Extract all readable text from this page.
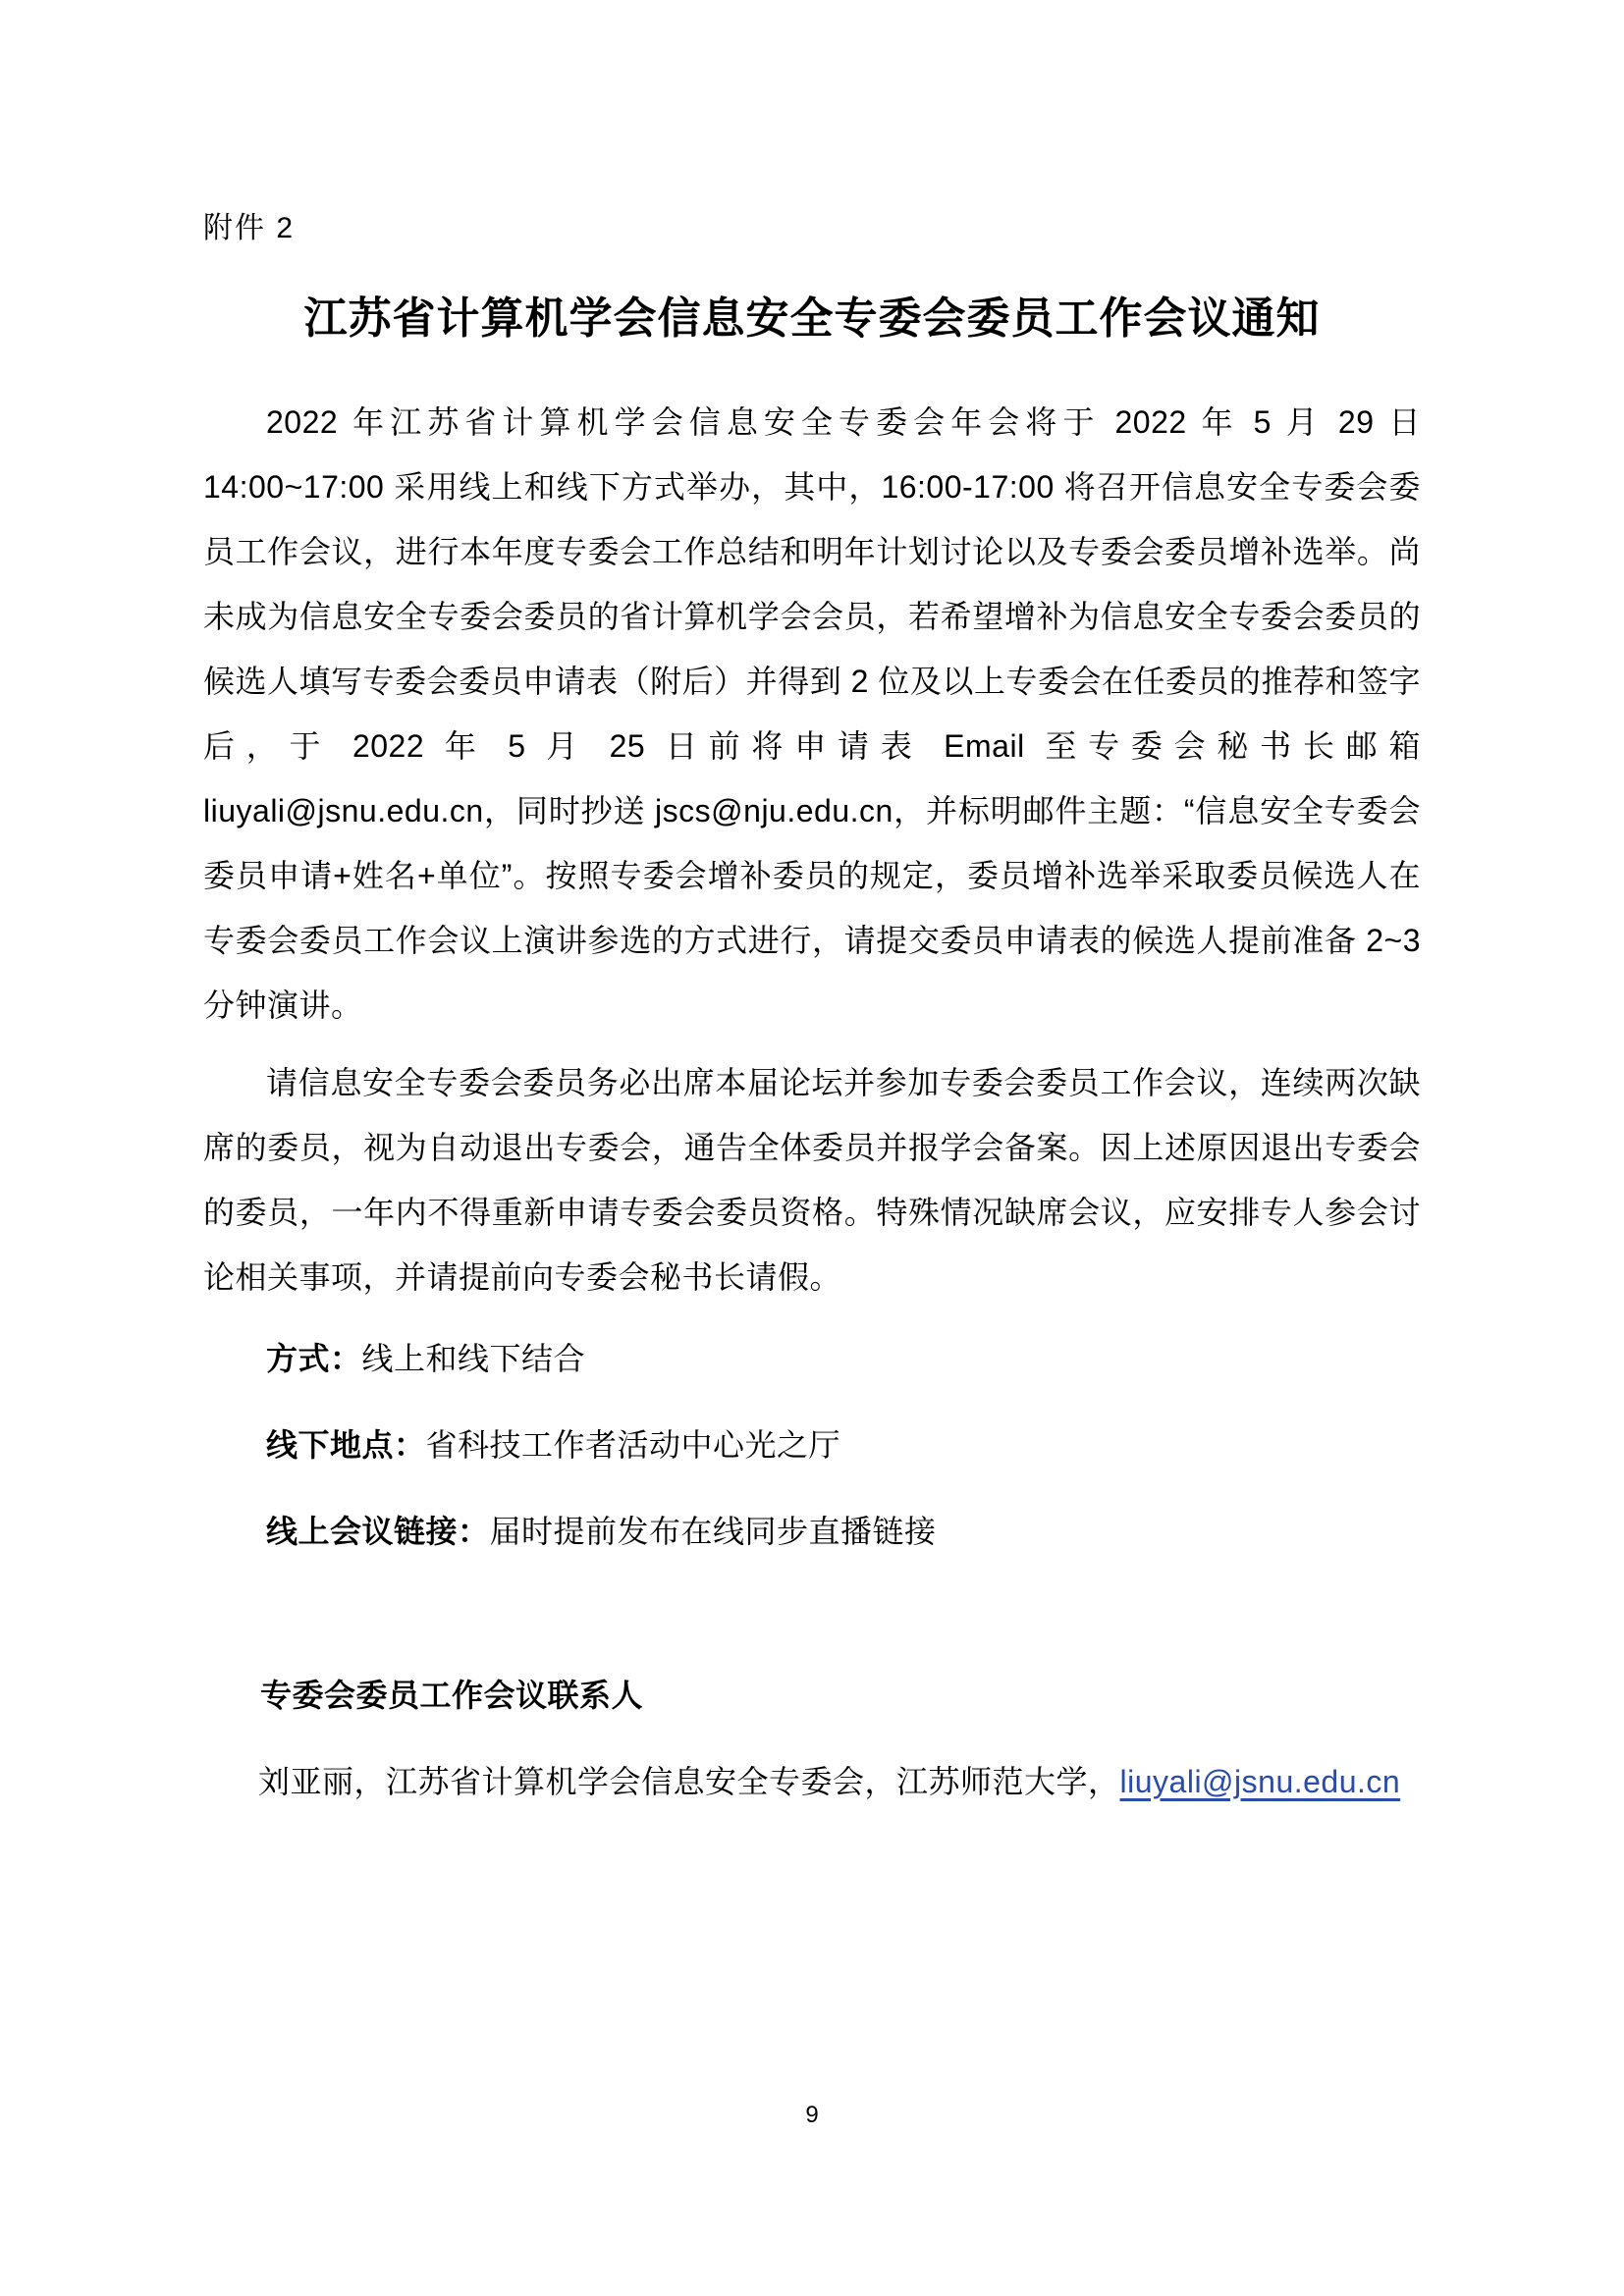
附件 2
江苏省计算机学会信息安全专委会委员工作会议通知

2022 年江苏省计算机学会信息安全专委会年会将于 2022 年 5 月 29 日 14:00~17:00 采用线上和线下方式举办，其中，16:00-17:00 将召开信息安全专委会委员工作会议，进行本年度专委会工作总结和明年计划讨论以及专委会委员增补选举。尚未成为信息安全专委会委员的省计算机学会会员，若希望增补为信息安全专委会委员的候选人填写专委会委员申请表（附后）并得到 2 位及以上专委会在任委员的推荐和签字后，于 2022 年 5 月 25 日前将申请表 Email 至专委会秘书长邮箱 liuyali@jsnu.edu.cn，同时抄送 jscs@nju.edu.cn，并标明邮件主题：“信息安全专委会委员申请+姓名+单位”。按照专委会增补委员的规定，委员增补选举采取委员候选人在专委会委员工作会议上演讲参选的方式进行，请提交委员申请表的候选人提前准备 2~3 分钟演讲。

请信息安全专委会委员务必出席本届论坛并参加专委会委员工作会议，连续两次缺席的委员，视为自动退出专委会，通告全体委员并报学会备案。因上述原因退出专委会的委员，一年内不得重新申请专委会委员资格。特殊情况缺席会议，应安排专人参会讨论相关事项，并请提前向专委会秘书长请假。

方式：线上和线下结合
线下地点：省科技工作者活动中心光之厅
线上会议链接：届时提前发布在线同步直播链接
专委会委员工作会议联系人
刘亚丽，江苏省计算机学会信息安全专委会，江苏师范大学，liuyali@jsnu.edu.cn
9
